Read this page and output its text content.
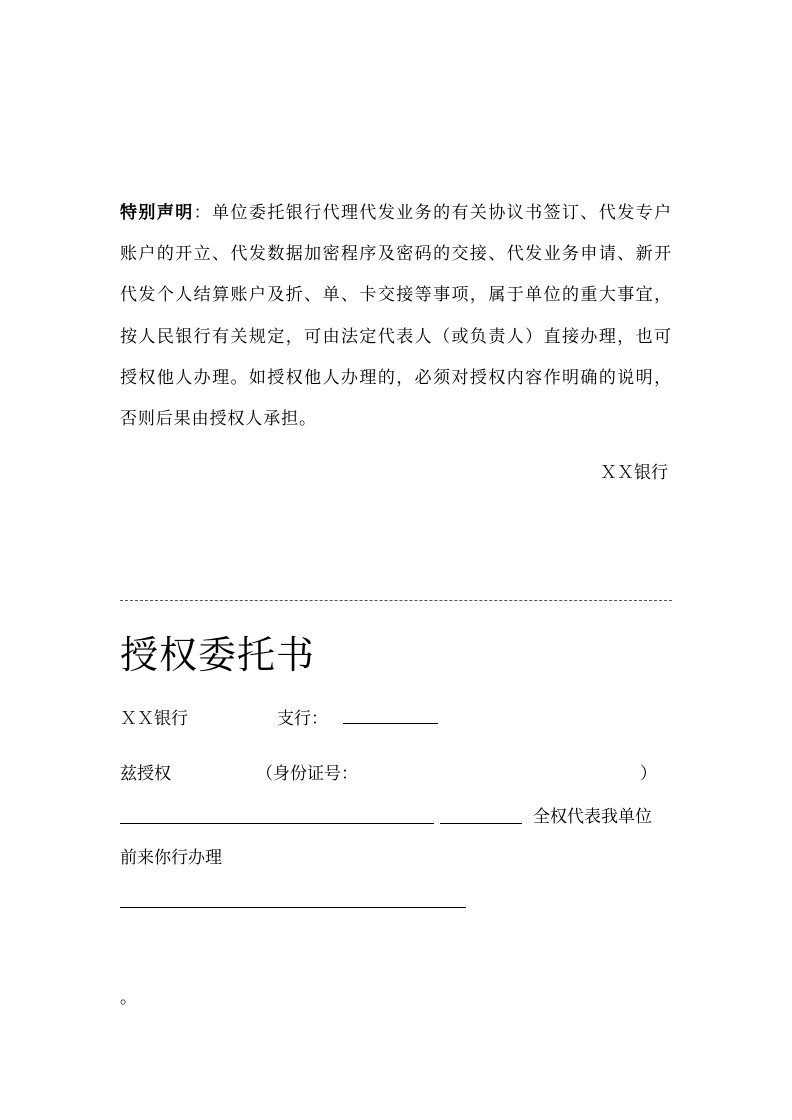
特别声明：单位委托银行代理代发业务的有关协议书签订、代发专户账户的开立、代发数据加密程序及密码的交接、代发业务申请、新开代发个人结算账户及折、单、卡交接等事项，属于单位的重大事宜，按人民银行有关规定，可由法定代表人（或负责人）直接办理，也可授权他人办理。如授权他人办理的，必须对授权内容作明确的说明，否则后果由授权人承担。

ＸＸ银行
授权委托书
ＸＸ银行	支行：
兹授权	（身份证号：	）
全权代表我单位
前来你行办理
。
